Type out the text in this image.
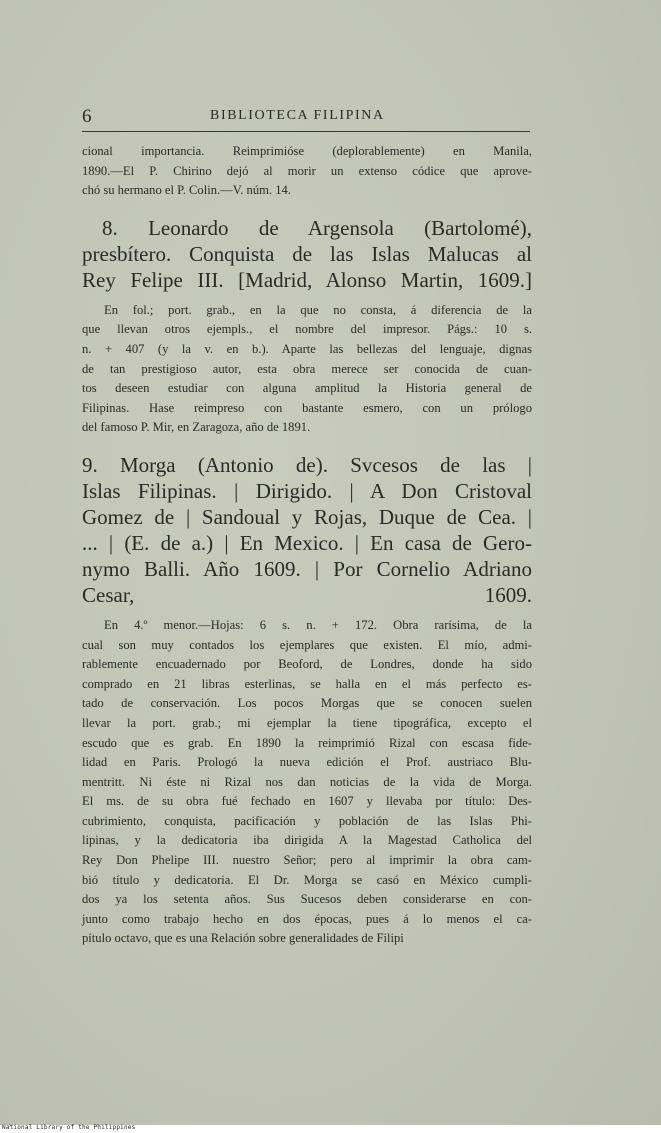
6	BIBLIOTECA FILIPINA

cional importancia. Reimprimióse (deplorablemente) en Manila,
1890.—El P. Chirino dejó al morir un extenso códice que aprove-
chó su hermano el P. Colin.—V. núm. 14.

8. Leonardo de Argensola (Bartolomé),
presbítero. Conquista de las Islas Malucas al
Rey Felipe III. [Madrid, Alonso Martin, 1609.]

En fol.; port. grab., en la que no consta, á diferencia de la
que llevan otros ejempls., el nombre del impresor. Págs.: 10 s.
n. + 407 (y la v. en b.). Aparte las bellezas del lenguaje, dignas
de tan prestigioso autor, esta obra merece ser conocida de cuan-
tos deseen estudiar con alguna amplitud la Historia general de
Filipinas. Hase reimpreso con bastante esmero, con un prólogo
del famoso P. Mir, en Zaragoza, año de 1891.

9. Morga (Antonio de). Svcesos de las |
Islas Filipinas. | Dirigido. | A Don Cristoval
Gomez de | Sandoual y Rojas, Duque de Cea. |
... | (E. de a.) | En Mexico. | En casa de Gero-
nymo Balli. Año 1609. | Por Cornelio Adriano
Cesar,	1609.

En 4.º menor.—Hojas: 6 s. n. + 172. Obra rarísima, de la
cual son muy contados los ejemplares que existen. El mío, admi-
rablemente encuadernado por Beoford, de Londres, donde ha sido
comprado en 21 libras esterlinas, se halla en el más perfecto es-
tado de conservación. Los pocos Morgas que se conocen suelen
llevar la port. grab.; mi ejemplar la tiene tipográfica, excepto el
escudo que es grab. En 1890 la reimprimió Rizal con escasa fide-
lidad en Paris. Prologó la nueva edición el Prof. austriaco Blu-
mentritt. Ni éste ni Rizal nos dan noticias de la vida de Morga.
El ms. de su obra fué fechado en 1607 y llevaba por título: Des-
cubrimiento, conquista, pacificación y población de las Islas Phi-
lipinas, y la dedicatoria iba dirigida A la Magestad Catholica del
Rey Don Phelipe III. nuestro Señor; pero al imprimir la obra cam-
bió título y dedicatoria. El Dr. Morga se casó en México cumpli-
dos ya los setenta años. Sus Sucesos deben considerarse en con-
junto como trabajo hecho en dos épocas, pues á lo menos el ca-
pítulo octavo, que es una Relación sobre generalidades de Filipi

National Library of the Philippines
